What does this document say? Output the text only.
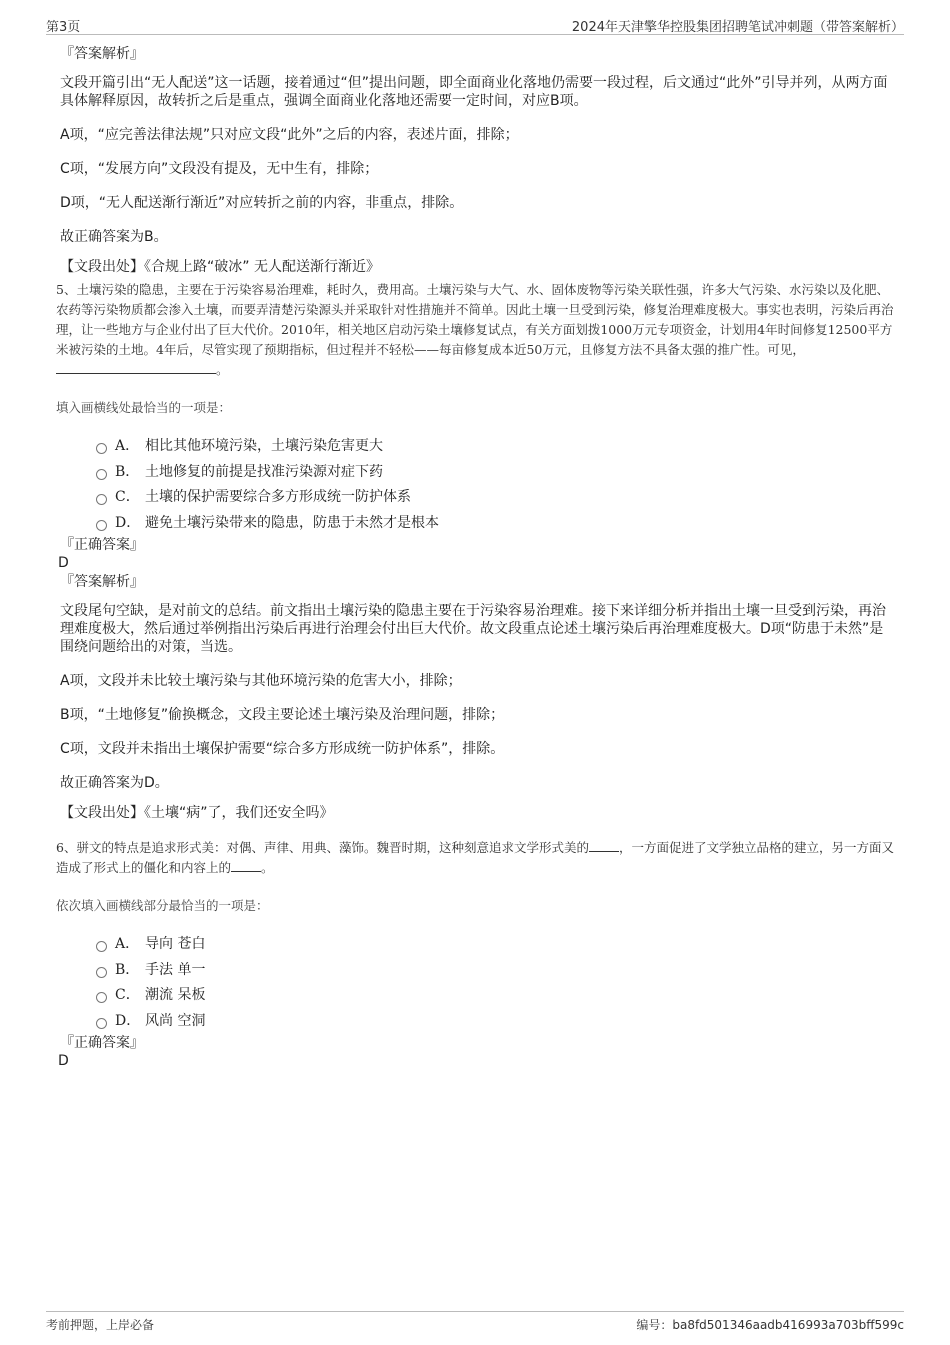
第3页	2024年天津擎华控股集团招聘笔试冲刺题（带答案解析）
『答案解析』
文段开篇引出“无人配送”这一话题，接着通过“但”提出问题，即全面商业化落地仍需要一段过程，后文通过“此外”引导并列，从两方面具体解释原因，故转折之后是重点，强调全面商业化落地还需要一定时间，对应B项。
A项，“应完善法律法规”只对应文段“此外”之后的内容，表述片面，排除；
C项，“发展方向”文段没有提及，无中生有，排除；
D项，“无人配送渐行渐近”对应转折之前的内容，非重点，排除。
故正确答案为B。
【文段出处】《合规上路“破冰” 无人配送渐行渐近》
5、土壤污染的隐患，主要在于污染容易治理难，耗时久，费用高。土壤污染与大气、水、固体废物等污染关联性强，许多大气污染、水污染以及化肥、农药等污染物质都会渗入土壤，而要弄清楚污染源头并采取针对性措施并不简单。因此土壤一旦受到污染，修复治理难度极大。事实也表明，污染后再治理，让一些地方与企业付出了巨大代价。2010年，相关地区启动污染土壤修复试点，有关方面划拨1000万元专项资金，计划用4年时间修复12500平方米被污染的土地。4年后，尽管实现了预期指标，但过程并不轻松——每亩修复成本近50万元，且修复方法不具备太强的推广性。可见，。
填入画横线处最恰当的一项是：
A． 相比其他环境污染，土壤污染危害更大
B． 土地修复的前提是找准污染源对症下药
C． 土壤的保护需要综合多方形成统一防护体系
D． 避免土壤污染带来的隐患，防患于未然才是根本
『正确答案』
D
『答案解析』
文段尾句空缺，是对前文的总结。前文指出土壤污染的隐患主要在于污染容易治理难。接下来详细分析并指出土壤一旦受到污染，再治理难度极大，然后通过举例指出污染后再进行治理会付出巨大代价。故文段重点论述土壤污染后再治理难度极大。D项“防患于未然”是围绕问题给出的对策，当选。
A项，文段并未比较土壤污染与其他环境污染的危害大小，排除；
B项，“土地修复”偷换概念，文段主要论述土壤污染及治理问题，排除；
C项，文段并未指出土壤保护需要“综合多方形成统一防护体系”，排除。
故正确答案为D。
【文段出处】《土壤“病”了，我们还安全吗》
6、骈文的特点是追求形式美：对偶、声律、用典、藻饰。魏晋时期，这种刻意追求文学形式美的 ，一方面促进了文学独立品格的建立，另一方面又造成了形式上的僵化和内容上的 。
依次填入画横线部分最恰当的一项是：
A． 导向 苍白
B． 手法 单一
C． 潮流 呆板
D． 风尚 空洞
『正确答案』
D
考前押题，上岸必备	编号：ba8fd501346aadb416993a703bff599c
